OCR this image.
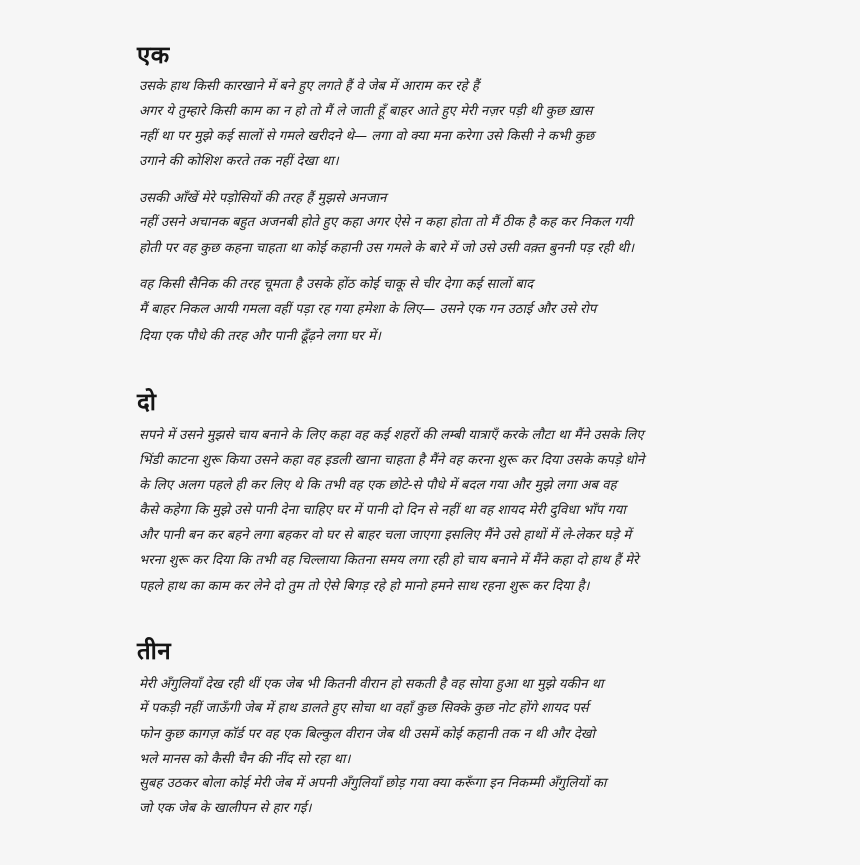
एक
उसके हाथ किसी कारखाने में बने हुए लगते हैं वे जेब में आराम कर रहे हैं
अगर ये तुम्हारे किसी काम का न हो तो मैं ले जाती हूँ बाहर आते हुए मेरी नज़र पड़ी थी कुछ ख़ास
नहीं था पर मुझे कई सालों से गमले खरीदने थे— लगा वो क्या मना करेगा उसे किसी ने कभी कुछ
उगाने की कोशिश करते तक नहीं देखा था।
उसकी आँखें मेरे पड़ोसियों की तरह हैं मुझसे अनजान
नहीं उसने अचानक बहुत अजनबी होते हुए कहा अगर ऐसे न कहा होता तो मैं ठीक है कह कर निकल गयी
होती पर वह कुछ कहना चाहता था कोई कहानी उस गमले के बारे में जो उसे उसी वक़्त बुननी पड़ रही थी।
वह किसी सैनिक की तरह चूमता है उसके होंठ कोई चाकू से चीर देगा कई सालों बाद
मैं बाहर निकल आयी गमला वहीं पड़ा रह गया हमेशा के लिए— उसने एक गन उठाई और उसे रोप
दिया एक पौधे की तरह और पानी ढूँढ़ने लगा घर में।
दो
सपने में उसने मुझसे चाय बनाने के लिए कहा वह कई शहरों की लम्बी यात्राएँ करके लौटा था मैंने उसके लिए
भिंडी काटना शुरू किया उसने कहा वह इडली खाना चाहता है मैंने वह करना शुरू कर दिया उसके कपड़े धोने
के लिए अलग पहले ही कर लिए थे कि तभी वह एक छोटे-से पौधे में बदल गया और मुझे लगा अब वह
कैसे कहेगा कि मुझे उसे पानी देना चाहिए घर में पानी दो दिन से नहीं था वह शायद मेरी दुविधा भाँप गया
और पानी बन कर बहने लगा बहकर वो घर से बाहर चला जाएगा इसलिए मैंने उसे हाथों में ले-लेकर घड़े में
भरना शुरू कर दिया कि तभी वह चिल्लाया कितना समय लगा रही हो चाय बनाने में मैंने कहा दो हाथ हैं मेरे
पहले हाथ का काम कर लेने दो तुम तो ऐसे बिगड़ रहे हो मानो हमने साथ रहना शुरू कर दिया है।
तीन
मेरी अँगुलियाँ देख रही थीं एक जेब भी कितनी वीरान हो सकती है वह सोया हुआ था मुझे यकीन था
में पकड़ी नहीं जाऊँगी जेब में हाथ डालते हुए सोचा था वहाँ कुछ सिक्के कुछ नोट होंगे शायद पर्स
फोन कुछ कागज़ कॉर्ड पर वह एक बिल्कुल वीरान जेब थी उसमें कोई कहानी तक न थी और देखो
भले मानस को कैसी चैन की नींद सो रहा था।
सुबह उठकर बोला कोई मेरी जेब में अपनी अँगुलियाँ छोड़ गया क्या करूँगा इन निकम्मी अँगुलियों का
जो एक जेब के खालीपन से हार गई।
